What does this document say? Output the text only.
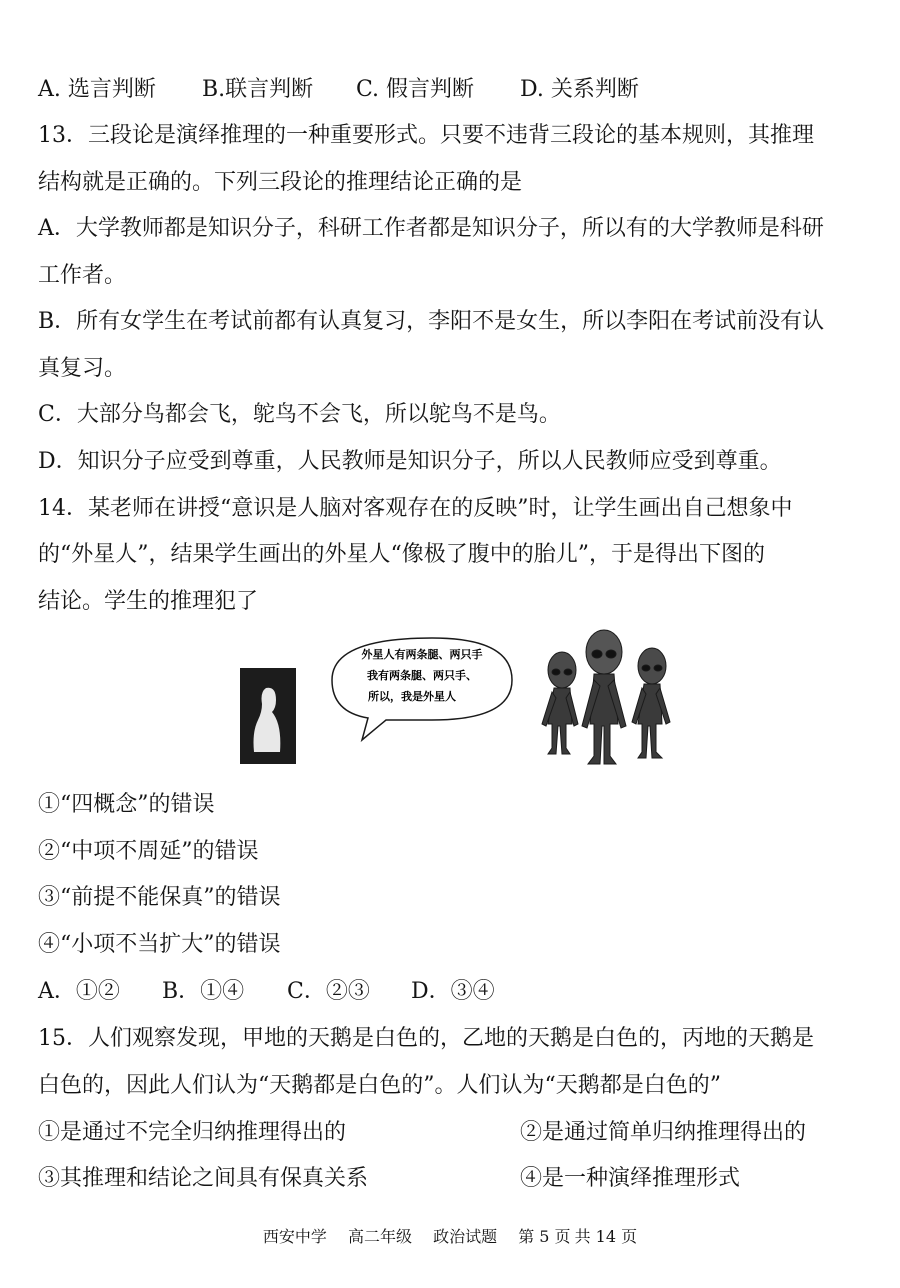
A. 选言判断 B.联言判断 C. 假言判断 D. 关系判断
13．三段论是演绎推理的一种重要形式。只要不违背三段论的基本规则，其推理
结构就是正确的。下列三段论的推理结论正确的是
A．大学教师都是知识分子，科研工作者都是知识分子，所以有的大学教师是科研
工作者。
B．所有女学生在考试前都有认真复习，李阳不是女生，所以李阳在考试前没有认
真复习。
C．大部分鸟都会飞，鸵鸟不会飞，所以鸵鸟不是鸟。
D．知识分子应受到尊重，人民教师是知识分子，所以人民教师应受到尊重。
14．某老师在讲授“意识是人脑对客观存在的反映”时，让学生画出自己想象中
的“外星人”，结果学生画出的外星人“像极了腹中的胎儿”，于是得出下图的
结论。学生的推理犯了
外星人有两条腿、两只手
我有两条腿、两只手、
所以，我是外星人
①“四概念”的错误
②“中项不周延”的错误
③“前提不能保真”的错误
④“小项不当扩大”的错误
A．①② B．①④ C．②③ D．③④
15．人们观察发现，甲地的天鹅是白色的，乙地的天鹅是白色的，丙地的天鹅是
白色的，因此人们认为“天鹅都是白色的”。人们认为“天鹅都是白色的”
①是通过不完全归纳推理得出的	②是通过简单归纳推理得出的
③其推理和结论之间具有保真关系	④是一种演绎推理形式
西安中学 高二年级 政治试题 第 5 页 共 14 页
